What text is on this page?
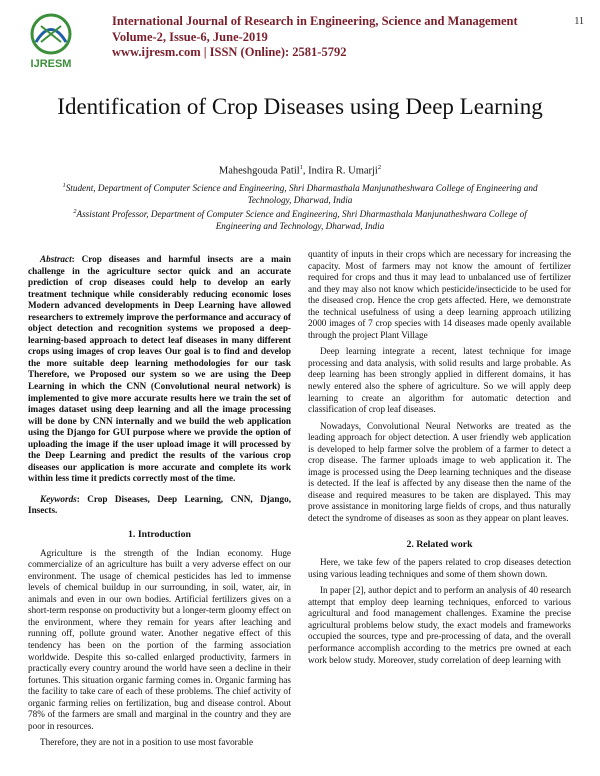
IJRESM
International Journal of Research in Engineering, Science and Management
Volume-2, Issue-6, June-2019
www.ijresm.com | ISSN (Online): 2581-5792
11
Identification of Crop Diseases using Deep Learning
Maheshgouda Patil$^1$, Indira R. Umarji$^2$
$^1$Student, Department of Computer Science and Engineering, Shri Dharmasthala Manjunatheshwara College of Engineering and Technology, Dharwad, India
$^2$Assistant Professor, Department of Computer Science and Engineering, Shri Dharmasthala Manjunatheshwara College of Engineering and Technology, Dharwad, India

Abstract: Crop diseases and harmful insects are a main challenge in the agriculture sector quick and an accurate prediction of crop diseases could help to develop an early treatment technique while considerably reducing economic loses Modern advanced developments in Deep Learning have allowed researchers to extremely improve the performance and accuracy of object detection and recognition systems we proposed a deep-learning-based approach to detect leaf diseases in many different crops using images of crop leaves Our goal is to find and develop the more suitable deep learning methodologies for our task Therefore, we Proposed our system so we are using the Deep Learning in which the CNN (Convolutional neural network) is implemented to give more accurate results here we train the set of images dataset using deep learning and all the image processing will be done by CNN internally and we build the web application using the Django for GUI purpose where we provide the option of uploading the image if the user upload image it will processed by the Deep Learning and predict the results of the various crop diseases our application is more accurate and complete its work within less time it predicts correctly most of the time.

Keywords: Crop Diseases, Deep Learning, CNN, Django, Insects.

1. Introduction

Agriculture is the strength of the Indian economy. Huge commercialize of an agriculture has built a very adverse effect on our environment. The usage of chemical pesticides has led to immense levels of chemical buildup in our surrounding, in soil, water, air, in animals and even in our own bodies. Artificial fertilizers gives on a short-term response on productivity but a longer-term gloomy effect on the environment, where they remain for years after leaching and running off, pollute ground water. Another negative effect of this tendency has been on the portion of the farming association worldwide. Despite this so-called enlarged productivity, farmers in practically every country around the world have seen a decline in their fortunes. This situation organic farming comes in. Organic farming has the facility to take care of each of these problems. The chief activity of organic farming relies on fertilization, bug and disease control. About 78% of the farmers are small and marginal in the country and they are poor in resources.

Therefore, they are not in a position to use most favorable

quantity of inputs in their crops which are necessary for increasing the capacity. Most of farmers may not know the amount of fertilizer required for crops and thus it may lead to unbalanced use of fertilizer and they may also not know which pesticide/insecticide to be used for the diseased crop. Hence the crop gets affected. Here, we demonstrate the technical usefulness of using a deep learning approach utilizing 2000 images of 7 crop species with 14 diseases made openly available through the project Plant Village

Deep learning integrate a recent, latest technique for image processing and data analysis, with solid results and large probable. As deep learning has been strongly applied in different domains, it has newly entered also the sphere of agriculture. So we will apply deep learning to create an algorithm for automatic detection and classification of crop leaf diseases.

Nowadays, Convolutional Neural Networks are treated as the leading approach for object detection. A user friendly web application is developed to help farmer solve the problem of a farmer to detect a crop disease. The farmer uploads image to web application it. The image is processed using the Deep learning techniques and the disease is detected. If the leaf is affected by any disease then the name of the disease and required measures to be taken are displayed. This may prove assistance in monitoring large fields of crops, and thus naturally detect the syndrome of diseases as soon as they appear on plant leaves.

2. Related work

Here, we take few of the papers related to crop diseases detection using various leading techniques and some of them shown down.

In paper [2], author depict and to perform an analysis of 40 research attempt that employ deep learning techniques, enforced to various agricultural and food management challenges. Examine the precise agricultural problems below study, the exact models and frameworks occupied the sources, type and pre-processing of data, and the overall performance accomplish according to the metrics pre owned at each work below study. Moreover, study correlation of deep learning with
